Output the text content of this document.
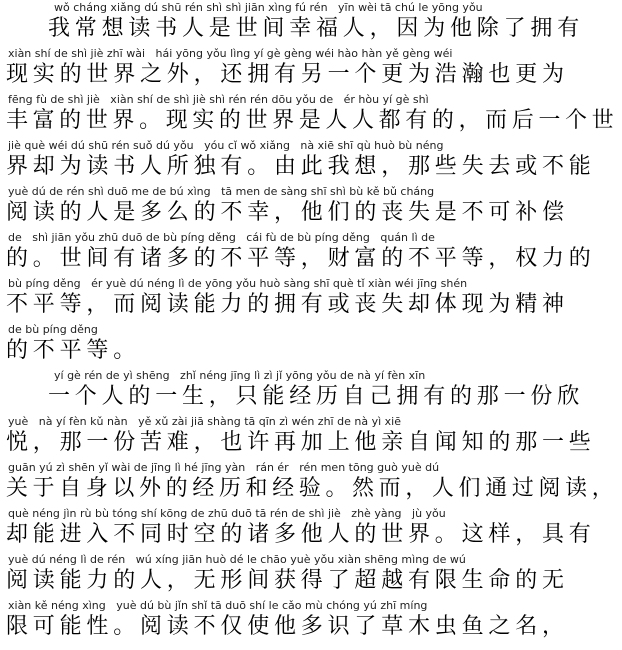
wǒ cháng xiǎng dú shū rén shì shì jiān xìng fú rén   yīn wèi tā chú le yōng yǒu
我常想读书人是世间幸福人，因为他除了拥有
xiàn shí de shì jiè zhī wài   hái yōng yǒu lìng yí gè gèng wéi hào hàn yě gèng wéi
现实的世界之外，还拥有另一个更为浩瀚也更为
fēng fù de shì jiè   xiàn shí de shì jiè shì rén rén dōu yǒu de   ér hòu yí gè shì
丰富的世界。现实的世界是人人都有的，而后一个世
jiè què wéi dú shū rén suǒ dú yǒu   yóu cǐ wǒ xiǎng   nà xiē shī qù huò bù néng
界却为读书人所独有。由此我想，那些失去或不能
yuè dú de rén shì duō me de bú xìng   tā men de sàng shī shì bù kě bǔ cháng
阅读的人是多么的不幸，他们的丧失是不可补偿
de   shì jiān yǒu zhū duō de bù píng děng   cái fù de bù píng děng   quán lì de
的。世间有诸多的不平等，财富的不平等，权力的
bù píng děng   ér yuè dú néng lì de yōng yǒu huò sàng shī què tǐ xiàn wéi jīng shén
不平等，而阅读能力的拥有或丧失却体现为精神
de bù píng děng
的不平等。
yí gè rén de yì shēng   zhǐ néng jīng lì zì jǐ yōng yǒu de nà yí fèn xīn
一个人的一生，只能经历自己拥有的那一份欣
yuè   nà yí fèn kǔ nàn   yě xǔ zài jiā shàng tā qīn zì wén zhī de nà yì xiē
悦，那一份苦难，也许再加上他亲自闻知的那一些
guān yú zì shēn yǐ wài de jīng lì hé jīng yàn   rán ér   rén men tōng guò yuè dú
关于自身以外的经历和经验。然而，人们通过阅读，
què néng jìn rù bù tóng shí kōng de zhū duō tā rén de shì jiè   zhè yàng   jù yǒu
却能进入不同时空的诸多他人的世界。这样，具有
yuè dú néng lì de rén   wú xíng jiān huò dé le chāo yuè yǒu xiàn shēng mìng de wú
阅读能力的人，无形间获得了超越有限生命的无
xiàn kě néng xìng   yuè dú bù jǐn shǐ tā duō shí le cǎo mù chóng yú zhī míng
限可能性。阅读不仅使他多识了草木虫鱼之名，
